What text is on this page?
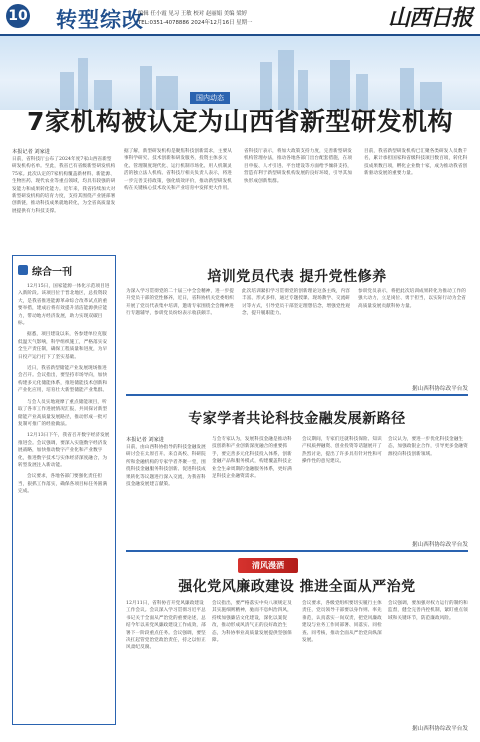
10 转型综改
编辑 任小霞 见习 王敏 校对 赵丽娟 美编 梁婷
TEL:0351-4078886 2024年12月16日 星期一	山西日报
国内动态
7家机构被认定为山西省新型研发机构
本报记者 刘家进
日前，省科技厅公布了2024年度7家山西省新型研发机构名单。至此，我省已有省级新型研发机构75家。此次认定的7家机构覆盖新材料、新能源、生物医药、现代农业等重点领域，均具有较强的研发能力和成果转化能力。近年来，我省持续加大对新型研发机构的培育力度，支持其围绕产业链部署创新链，推动科技成果就地转化，为全省高质量发展提供有力科技支撑。
据了解，新型研发机构是聚焦科技创新需求，主要从事科学研究、技术创新和研发服务，投资主体多元化、管理制度现代化、运行机制市场化、用人机制灵活的独立法人机构。省科技厅相关负责人表示，将进一步完善支持政策，强化绩效评价，推动新型研发机构在关键核心技术攻关和产业培育中发挥更大作用。
省科技厅表示，将加大政策支持力度，完善新型研发机构管理办法，推动各地各部门出台配套措施，在项目申报、人才引进、平台建设等方面给予倾斜支持，营造有利于新型研发机构发展的良好环境，引导其加快形成创新集群。
目前，我省新型研发机构已汇聚各类研发人员数千名，累计承担国家和省级科技项目数百项，转化科技成果数百项，孵化企业数十家，成为推动我省创新驱动发展的重要力量。
综合一刊
12月15日，国家能源一体化示范项目进入新阶段。该项目位于晋北地区，总投资较大，是我省推进能源革命综合改革试点的重要举措，建成后将有效提升清洁能源供应能力，带动地方经济发展，助力实现双碳目标。
据悉，项目建设以来，各参建单位克服低温天气影响，科学组织施工，严格落实安全生产责任制，确保工程质量和进度，为早日投产运行打下了坚实基础。
近日，我省新型储能产业发展现场推进会召开。会议指出，要坚持市场导向，加快构建多元化储能体系，推进储能技术创新和产业化应用，培育壮大新型储能产业集群。
与会人员实地观摩了重点储能项目，听取了各市工作进展情况汇报，共同探讨新型储能产业高质量发展路径，推动形成一批可复制可推广的经验做法。
12月13日下午，我省召开数字经济发展推进会。会议强调，要深入实施数字经济发展战略，加快推动数字产业化和产业数字化，推进数字技术与实体经济深度融合，为转型发展注入新动能。
会议要求，各地各部门要强化责任担当，狠抓工作落实，确保各项目标任务圆满完成。
培训党员代表 提升党性修养
为深入学习贯彻党的二十届三中全会精神，进一步提升党员干部的党性修养，近日，省科协机关党委组织开展了党员代表集中培训，邀请专家围绕全会精神进行专题辅导，参训党员纷纷表示收获颇丰。
此次培训紧扣学习贯彻党的创新理论这条主线，内容丰富、形式多样，通过专题授课、现场教学、交流研讨等方式，引导党员干部坚定理想信念，增强党性观念，提升履职能力。
参训党员表示，将把此次培训成果转化为推动工作的强大动力，立足岗位、勇于担当，以实际行动为全省高质量发展贡献科协力量。
据山西科协综改平台发
专家学者共论科技金融发展新路径
本报记者 刘家进
日前，由山西科协指导的科技金融发展研讨会在太原召开。来自高校、科研院所和金融机构的专家学者齐聚一堂，围绕科技金融服务科技创新、促进科技成果转化等议题进行深入交流，为我省科技金融发展建言献策。
与会专家认为，发展科技金融是推动科技创新和产业创新深度融合的重要抓手，要完善多元化科技投入体系，创新金融产品和服务模式，构建覆盖科技企业全生命周期的金融服务体系，更好满足科技企业融资需求。
会议期间，专家们还就科技保险、知识产权质押融资、创业投资等话题展开了热烈讨论，提出了许多具有针对性和可操作性的意见建议。
会议认为，要进一步优化科技金融生态，加强政银企合作，引导更多金融资源投向科技创新领域。
据山西科协综改平台发
清风漫洒
强化党风廉政建设 推进全面从严治党
12月11日，省科协召开党风廉政建设工作会议。会议深入学习贯彻习近平总书记关于全面从严治党的重要论述，总结今年以来党风廉政建设工作成效，部署下一阶段重点任务。会议强调，要坚决扛起管党治党政治责任，持之以恒正风肃纪反腐。
会议指出，要严格落实中央八项规定及其实施细则精神，驰而不息纠治四风，持续加强廉洁文化建设，深化以案促改，推动形成风清气正的良好政治生态，为科协事业高质量发展提供坚强保障。
会议要求，各级党组织要切实履行主体责任，党员领导干部要以身作则、率先垂范，认真落实一岗双责，把党风廉政建设与业务工作同部署、同落实、同检查、同考核，推动全面从严治党向纵深发展。
会议强调，要加强对权力运行的制约和监督，健全完善内控机制，紧盯重点领域和关键环节，防范廉政风险。
据山西科协综改平台发
